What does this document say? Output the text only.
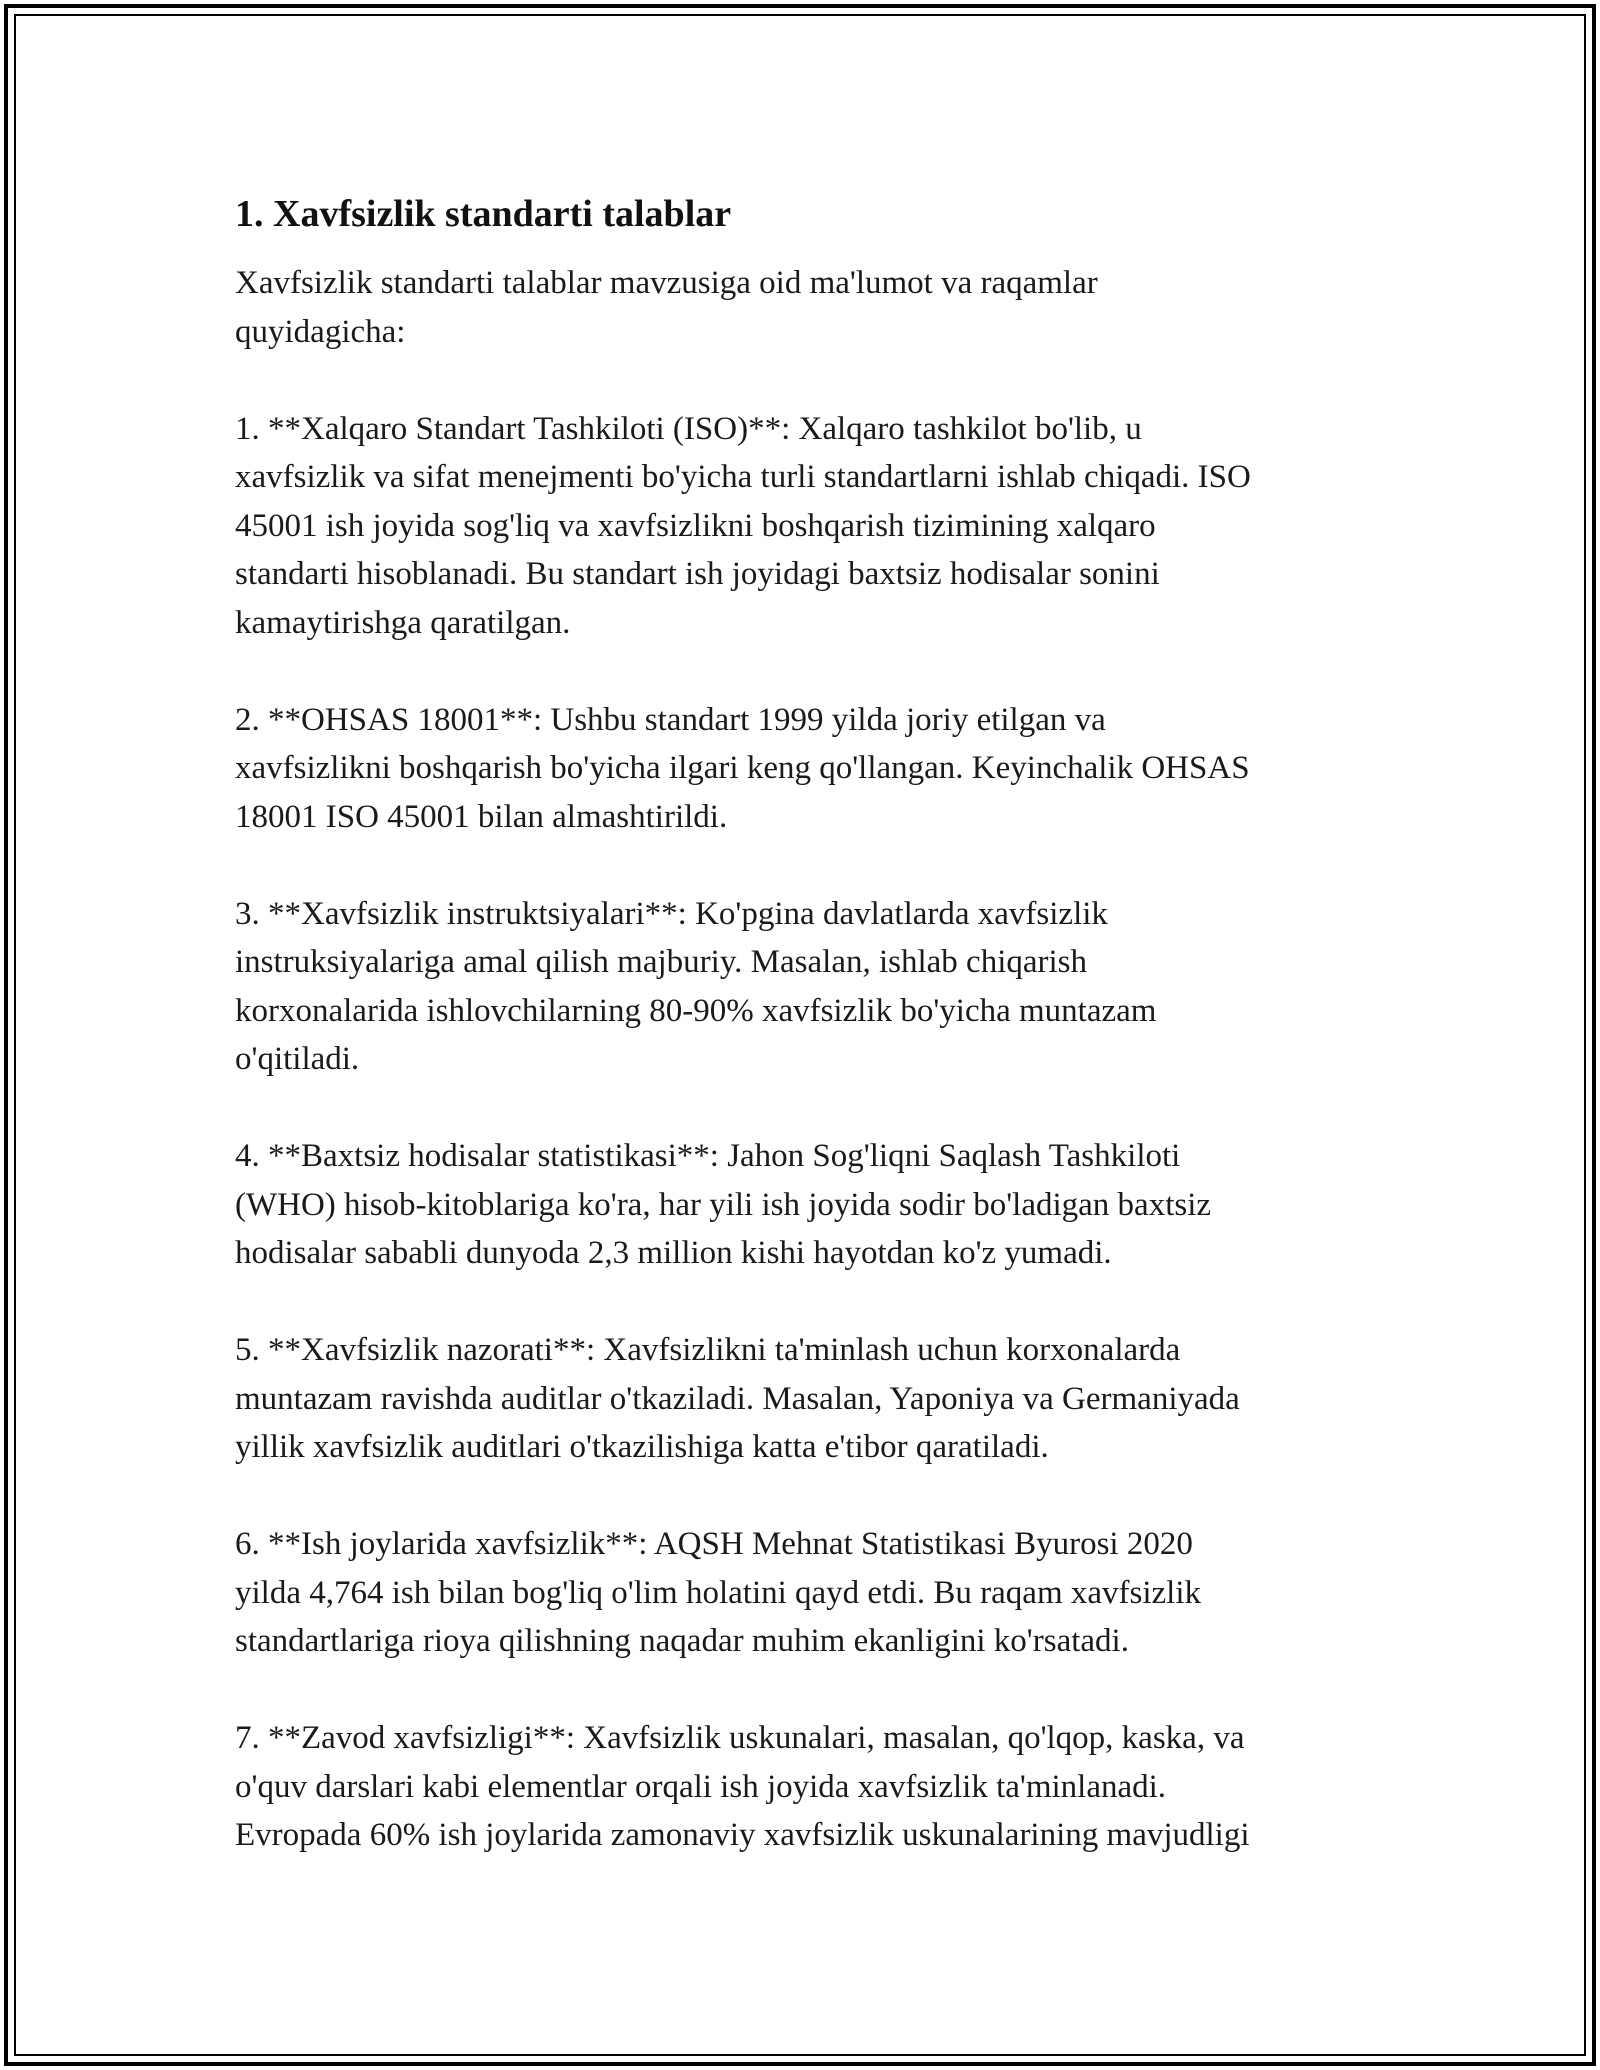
1. Xavfsizlik standarti talablar

Xavfsizlik standarti talablar mavzusiga oid ma'lumot va raqamlar
quyidagicha:

1. **Xalqaro Standart Tashkiloti (ISO)**: Xalqaro tashkilot bo'lib, u
xavfsizlik va sifat menejmenti bo'yicha turli standartlarni ishlab chiqadi. ISO
45001 ish joyida sog'liq va xavfsizlikni boshqarish tizimining xalqaro
standarti hisoblanadi. Bu standart ish joyidagi baxtsiz hodisalar sonini
kamaytirishga qaratilgan.

2. **OHSAS 18001**: Ushbu standart 1999 yilda joriy etilgan va
xavfsizlikni boshqarish bo'yicha ilgari keng qo'llangan. Keyinchalik OHSAS
18001 ISO 45001 bilan almashtirildi.

3. **Xavfsizlik instruktsiyalari**: Ko'pgina davlatlarda xavfsizlik
instruksiyalariga amal qilish majburiy. Masalan, ishlab chiqarish
korxonalarida ishlovchilarning 80-90% xavfsizlik bo'yicha muntazam
o'qitiladi.

4. **Baxtsiz hodisalar statistikasi**: Jahon Sog'liqni Saqlash Tashkiloti
(WHO) hisob-kitoblariga ko'ra, har yili ish joyida sodir bo'ladigan baxtsiz
hodisalar sababli dunyoda 2,3 million kishi hayotdan ko'z yumadi.

5. **Xavfsizlik nazorati**: Xavfsizlikni ta'minlash uchun korxonalarda
muntazam ravishda auditlar o'tkaziladi. Masalan, Yaponiya va Germaniyada
yillik xavfsizlik auditlari o'tkazilishiga katta e'tibor qaratiladi.

6. **Ish joylarida xavfsizlik**: AQSH Mehnat Statistikasi Byurosi 2020
yilda 4,764 ish bilan bog'liq o'lim holatini qayd etdi. Bu raqam xavfsizlik
standartlariga rioya qilishning naqadar muhim ekanligini ko'rsatadi.

7. **Zavod xavfsizligi**: Xavfsizlik uskunalari, masalan, qo'lqop, kaska, va
o'quv darslari kabi elementlar orqali ish joyida xavfsizlik ta'minlanadi.
Evropada 60% ish joylarida zamonaviy xavfsizlik uskunalarining mavjudligi
